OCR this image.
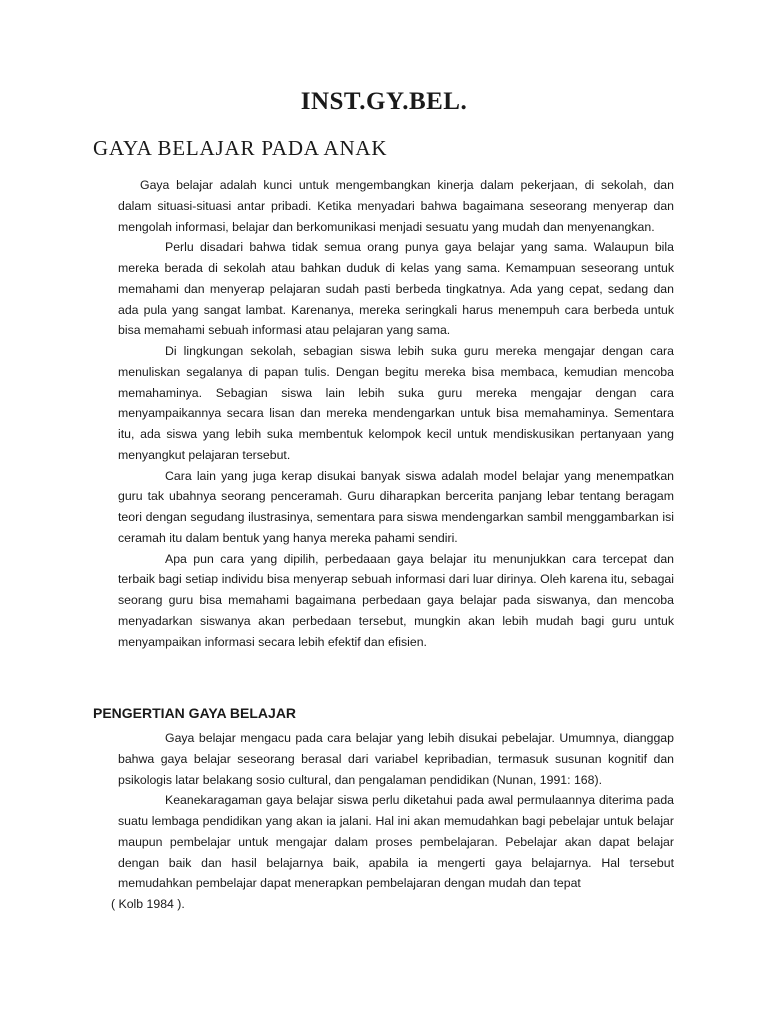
INST.GY.BEL.
GAYA BELAJAR PADA ANAK

Gaya belajar adalah kunci untuk mengembangkan kinerja dalam pekerjaan, di sekolah, dan dalam situasi-situasi antar pribadi. Ketika menyadari bahwa bagaimana seseorang menyerap dan mengolah informasi, belajar dan berkomunikasi menjadi sesuatu yang mudah dan menyenangkan.

Perlu disadari bahwa tidak semua orang punya gaya belajar yang sama. Walaupun bila mereka berada di sekolah atau bahkan duduk di kelas yang sama. Kemampuan seseorang untuk memahami dan menyerap pelajaran sudah pasti berbeda tingkatnya. Ada yang cepat, sedang dan ada pula yang sangat lambat. Karenanya, mereka seringkali harus menempuh cara berbeda untuk bisa memahami sebuah informasi atau pelajaran yang sama.

Di lingkungan sekolah, sebagian siswa lebih suka guru mereka mengajar dengan cara menuliskan segalanya di papan tulis. Dengan begitu mereka bisa membaca, kemudian mencoba memahaminya. Sebagian siswa lain lebih suka guru mereka mengajar dengan cara menyampaikannya secara lisan dan mereka mendengarkan untuk bisa memahaminya. Sementara itu, ada siswa yang lebih suka membentuk kelompok kecil untuk mendiskusikan pertanyaan yang menyangkut pelajaran tersebut.

Cara lain yang juga kerap disukai banyak siswa adalah model belajar yang menempatkan guru tak ubahnya seorang penceramah. Guru diharapkan bercerita panjang lebar tentang beragam teori dengan segudang ilustrasinya, sementara para siswa mendengarkan sambil menggambarkan isi ceramah itu dalam bentuk yang hanya mereka pahami sendiri.

Apa pun cara yang dipilih, perbedaaan gaya belajar itu menunjukkan cara tercepat dan terbaik bagi setiap individu bisa menyerap sebuah informasi dari luar dirinya. Oleh karena itu, sebagai seorang guru bisa memahami bagaimana perbedaan gaya belajar pada siswanya, dan mencoba menyadarkan siswanya akan perbedaan tersebut, mungkin akan lebih mudah bagi guru untuk menyampaikan informasi secara lebih efektif dan efisien.

PENGERTIAN GAYA BELAJAR

Gaya belajar mengacu pada cara belajar yang lebih disukai pebelajar. Umumnya, dianggap bahwa gaya belajar seseorang berasal dari variabel kepribadian, termasuk susunan kognitif dan psikologis latar belakang sosio cultural, dan pengalaman pendidikan (Nunan, 1991: 168).

Keanekaragaman gaya belajar siswa perlu diketahui pada awal permulaannya diterima pada suatu lembaga pendidikan yang akan ia jalani. Hal ini akan memudahkan bagi pebelajar untuk belajar maupun pembelajar untuk mengajar dalam proses pembelajaran. Pebelajar akan dapat belajar dengan baik dan hasil belajarnya baik, apabila ia mengerti gaya belajarnya. Hal tersebut memudahkan pembelajar dapat menerapkan pembelajaran dengan mudah dan tepat

( Kolb 1984 ).
